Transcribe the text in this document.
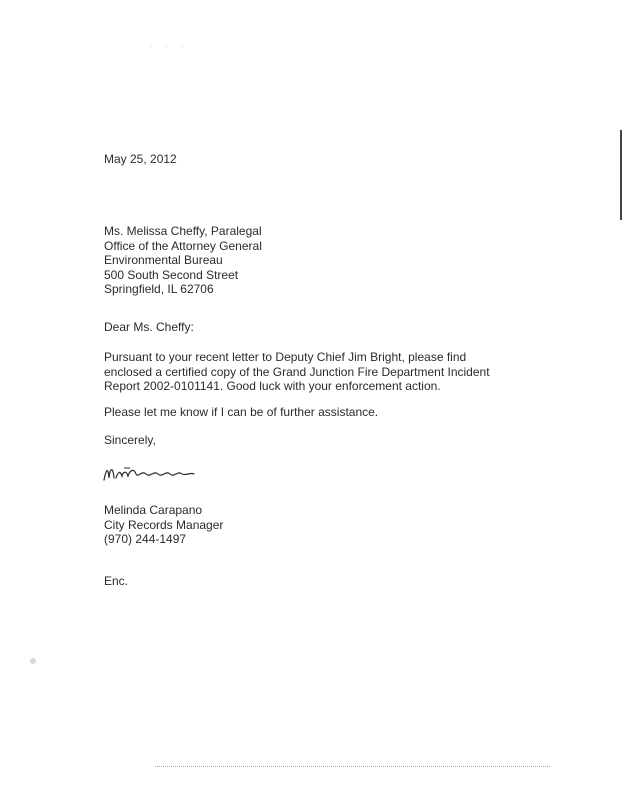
· · ·
May 25, 2012
Ms. Melissa Cheffy, Paralegal
Office of the Attorney General
Environmental Bureau
500 South Second Street
Springfield, IL 62706
Dear Ms. Cheffy:
Pursuant to your recent letter to Deputy Chief Jim Bright, please find
enclosed a certified copy of the Grand Junction Fire Department Incident
Report 2002-0101141. Good luck with your enforcement action.
Please let me know if I can be of further assistance.
Sincerely,
Melinda Carapano
City Records Manager
(970) 244-1497
Enc.
